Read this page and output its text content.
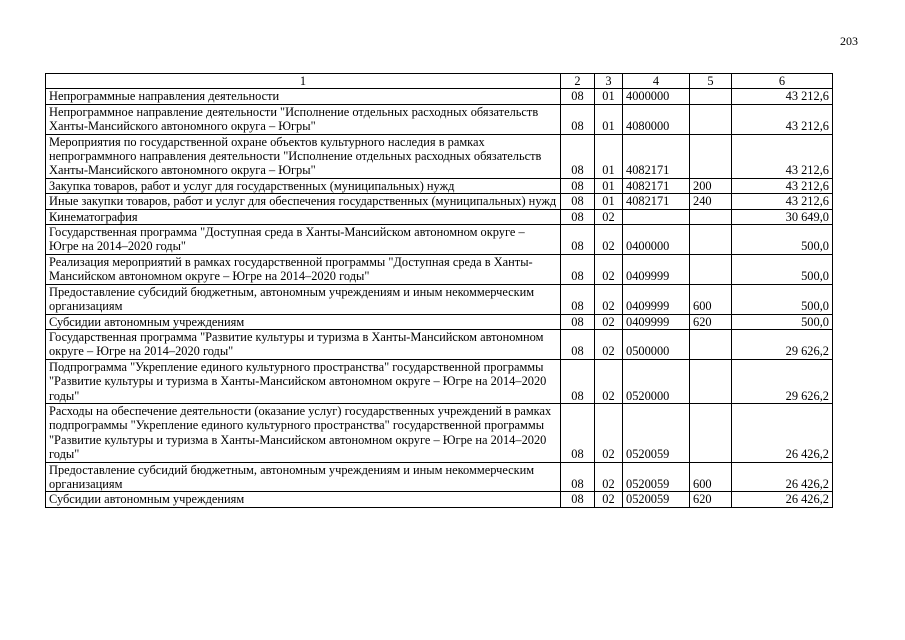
203
1	2	3	4	5	6
Непрограммные направления деятельности	08	01	4000000		43 212,6
Непрограммное направление деятельности "Исполнение отдельных расходных обязательств Ханты-Мансийского автономного округа – Югры"	08	01	4080000		43 212,6
Мероприятия по государственной охране объектов культурного наследия в рамках непрограммного направления деятельности "Исполнение отдельных расходных обязательств Ханты-Мансийского автономного округа – Югры"	08	01	4082171		43 212,6
Закупка товаров, работ и услуг для государственных (муниципальных) нужд	08	01	4082171	200	43 212,6
Иные закупки товаров, работ и услуг для обеспечения государственных (муниципальных) нужд	08	01	4082171	240	43 212,6
Кинематография	08	02			30 649,0
Государственная программа "Доступная среда в Ханты-Мансийском автономном округе – Югре на 2014–2020 годы"	08	02	0400000		500,0
Реализация мероприятий в рамках государственной программы "Доступная среда в Ханты-Мансийском автономном округе – Югре на 2014–2020 годы"	08	02	0409999		500,0
Предоставление субсидий бюджетным, автономным учреждениям и иным некоммерческим организациям	08	02	0409999	600	500,0
Субсидии автономным учреждениям	08	02	0409999	620	500,0
Государственная программа "Развитие культуры и туризма в Ханты-Мансийском автономном округе – Югре на 2014–2020 годы"	08	02	0500000		29 626,2
Подпрограмма "Укрепление единого культурного пространства" государственной программы "Развитие культуры и туризма в Ханты-Мансийском автономном округе – Югре на 2014–2020 годы"	08	02	0520000		29 626,2
Расходы на обеспечение деятельности (оказание услуг) государственных учреждений в рамках подпрограммы "Укрепление единого культурного пространства" государственной программы "Развитие культуры и туризма в Ханты-Мансийском автономном округе – Югре на 2014–2020 годы"	08	02	0520059		26 426,2
Предоставление субсидий бюджетным, автономным учреждениям и иным некоммерческим организациям	08	02	0520059	600	26 426,2
Субсидии автономным учреждениям	08	02	0520059	620	26 426,2
